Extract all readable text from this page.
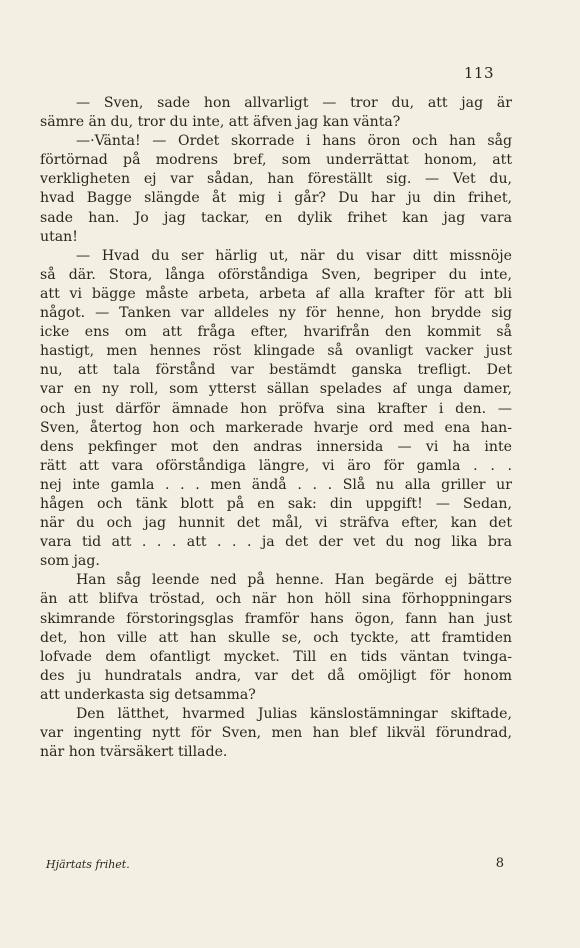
113
— Sven, sade hon allvarligt — tror du, att jag är
sämre än du, tror du inte, att äfven jag kan vänta?
—·Vänta! — Ordet skorrade i hans öron och han såg
förtörnad på modrens bref, som underrättat honom, att
verkligheten ej var sådan, han föreställt sig. — Vet du,
hvad Bagge slängde åt mig i går? Du har ju din frihet,
sade han. Jo jag tackar, en dylik frihet kan jag vara
utan!
— Hvad du ser härlig ut, när du visar ditt missnöje
så där. Stora, långa oförståndiga Sven, begriper du inte,
att vi bägge måste arbeta, arbeta af alla krafter för att bli
något. — Tanken var alldeles ny för henne, hon brydde sig
icke ens om att fråga efter, hvarifrån den kommit så
hastigt, men hennes röst klingade så ovanligt vacker just
nu, att tala förstånd var bestämdt ganska trefligt. Det
var en ny roll, som ytterst sällan spelades af unga damer,
och just därför ämnade hon pröfva sina krafter i den. —
Sven, återtog hon och markerade hvarje ord med ena han-
dens pekfinger mot den andras innersida — vi ha inte
rätt att vara oförståndiga längre, vi äro för gamla . . .
nej inte gamla . . . men ändå . . . Slå nu alla griller ur
hågen och tänk blott på en sak: din uppgift! — Sedan,
när du och jag hunnit det mål, vi sträfva efter, kan det
vara tid att . . . att . . . ja det der vet du nog lika bra
som jag.
Han såg leende ned på henne. Han begärde ej bättre
än att blifva tröstad, och när hon höll sina förhoppningars
skimrande förstoringsglas framför hans ögon, fann han just
det, hon ville att han skulle se, och tyckte, att framtiden
lofvade dem ofantligt mycket. Till en tids väntan tvinga-
des ju hundratals andra, var det då omöjligt för honom
att underkasta sig detsamma?
Den lätthet, hvarmed Julias känslostämningar skiftade,
var ingenting nytt för Sven, men han blef likväl förundrad,
när hon tvärsäkert tillade.
Hjärtats frihet.	8
